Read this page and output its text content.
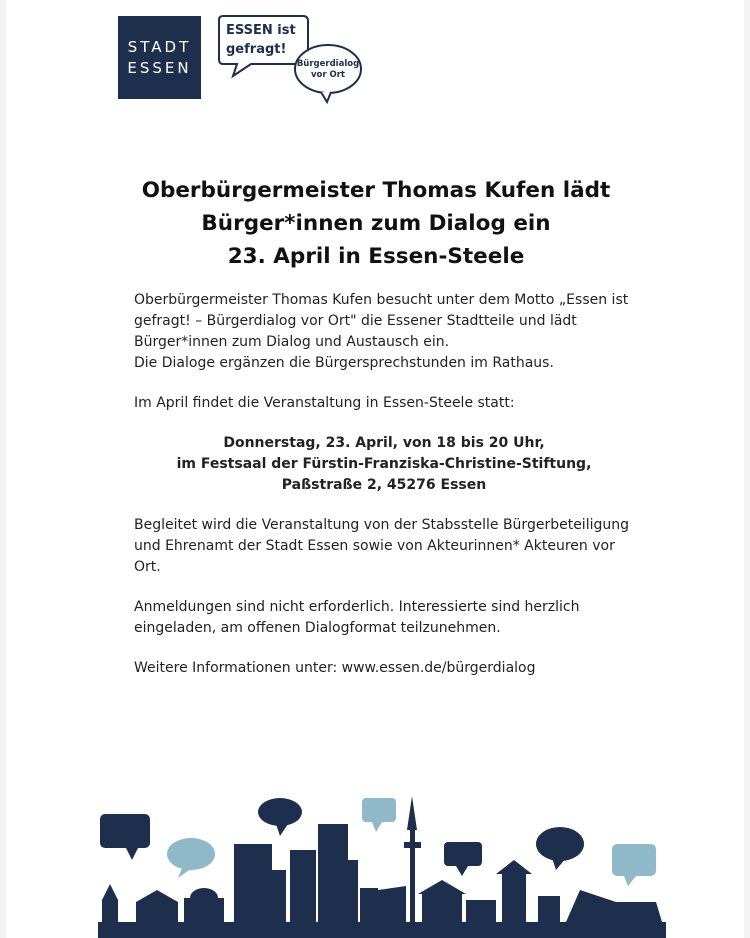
STADT
ESSEN
ESSEN ist
gefragt!
Bürgerdialog
vor Ort
Oberbürgermeister Thomas Kufen lädt
Bürger*innen zum Dialog ein
23. April in Essen-Steele

Oberbürgermeister Thomas Kufen besucht unter dem Motto „Essen ist

gefragt! – Bürgerdialog vor Ort" die Essener Stadtteile und lädt

Bürger*innen zum Dialog und Austausch ein.

Die Dialoge ergänzen die Bürgersprechstunden im Rathaus.

Im April findet die Veranstaltung in Essen-Steele statt:

Donnerstag, 23. April, von 18 bis 20 Uhr,

im Festsaal der Fürstin-Franziska-Christine-Stiftung,

Paßstraße 2, 45276 Essen

Begleitet wird die Veranstaltung von der Stabsstelle Bürgerbeteiligung

und Ehrenamt der Stadt Essen sowie von Akteurinnen* Akteuren vor

Ort.

Anmeldungen sind nicht erforderlich. Interessierte sind herzlich

eingeladen, am offenen Dialogformat teilzunehmen.

Weitere Informationen unter: www.essen.de/bürgerdialog
